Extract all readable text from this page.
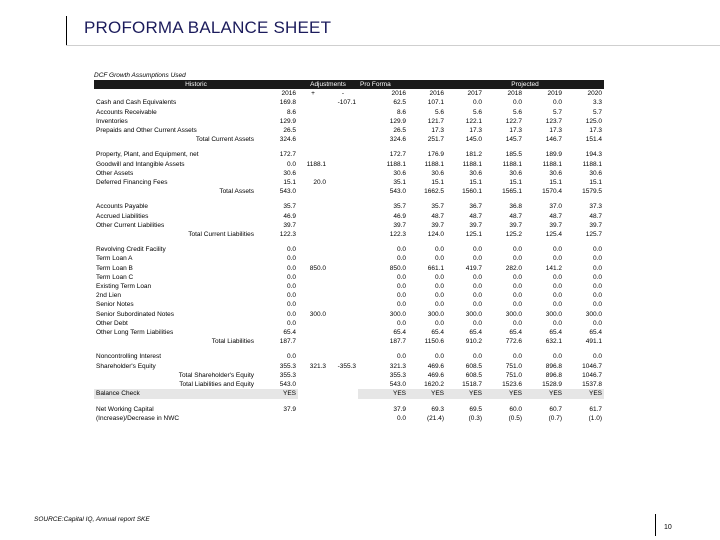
PROFORMA BALANCE SHEET
DCF Growth Assumptions Used
Historic		Adjustments		Pro Forma		Projected			
	2016	+	-	2016	2016	2017	2018	2019	2020
Cash and Cash Equivalents	169.8		-107.1	62.5	107.1	0.0	0.0	0.0	3.3
Accounts Receivable	8.6			8.6	5.6	5.6	5.6	5.7	5.7
Inventories	129.9			129.9	121.7	122.1	122.7	123.7	125.0
Prepaids and Other Current Assets	26.5			26.5	17.3	17.3	17.3	17.3	17.3
Total Current Assets	324.6			324.6	251.7	145.0	145.7	146.7	151.4

Property, Plant, and Equipment, net	172.7			172.7	176.9	181.2	185.5	189.9	194.3
Goodwill and Intangible Assets	0.0	1188.1		1188.1	1188.1	1188.1	1188.1	1188.1	1188.1
Other Assets	30.6			30.6	30.6	30.6	30.6	30.6	30.6
Deferred Financing Fees	15.1	20.0		35.1	15.1	15.1	15.1	15.1	15.1
Total Assets	543.0			543.0	1662.5	1560.1	1565.1	1570.4	1579.5

Accounts Payable	35.7			35.7	35.7	36.7	36.8	37.0	37.3
Accrued Liabilities	46.9			46.9	48.7	48.7	48.7	48.7	48.7
Other Current Liabilities	39.7			39.7	39.7	39.7	39.7	39.7	39.7
Total Current Liabilities	122.3			122.3	124.0	125.1	125.2	125.4	125.7

Revolving Credit Facility	0.0			0.0	0.0	0.0	0.0	0.0	0.0
Term Loan A	0.0			0.0	0.0	0.0	0.0	0.0	0.0
Term Loan B	0.0	850.0		850.0	661.1	419.7	282.0	141.2	0.0
Term Loan C	0.0			0.0	0.0	0.0	0.0	0.0	0.0
Existing Term Loan	0.0			0.0	0.0	0.0	0.0	0.0	0.0
2nd Lien	0.0			0.0	0.0	0.0	0.0	0.0	0.0
Senior Notes	0.0			0.0	0.0	0.0	0.0	0.0	0.0
Senior Subordinated Notes	0.0	300.0		300.0	300.0	300.0	300.0	300.0	300.0
Other Debt	0.0			0.0	0.0	0.0	0.0	0.0	0.0
Other Long Term Liabilities	65.4			65.4	65.4	65.4	65.4	65.4	65.4
Total Liabilities	187.7			187.7	1150.6	910.2	772.6	632.1	491.1

Noncontrolling Interest	0.0			0.0	0.0	0.0	0.0	0.0	0.0
Shareholder's Equity	355.3	321.3	-355.3	321.3	469.6	608.5	751.0	896.8	1046.7
Total Shareholder's Equity	355.3			355.3	469.6	608.5	751.0	896.8	1046.7
Total Liabilities and Equity	543.0			543.0	1620.2	1518.7	1523.6	1528.9	1537.8
Balance Check	YES			YES	YES	YES	YES	YES	YES

Net Working Capital	37.9			37.9	69.3	69.5	60.0	60.7	61.7
(Increase)/Decrease in NWC				0.0	(21.4)	(0.3)	(0.5)	(0.7)	(1.0)
SOURCE:Capital IQ, Annual report SKE
10
